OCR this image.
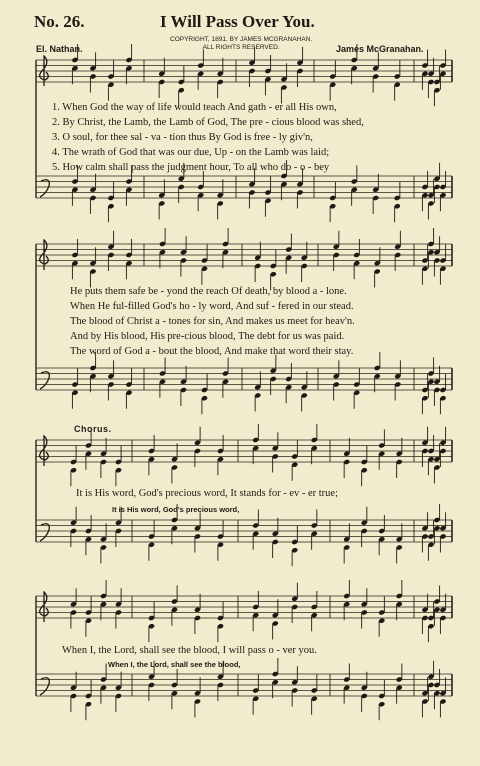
No. 26.	I Will Pass Over You.
COPYRIGHT, 1891, BY JAMES MCGRANAHAN.
ALL RIGHTS RESERVED.
El. Nathan.	James McGranahan.
1. When God the way of life would teach And gath - er all His own,
2. By Christ, the Lamb, the Lamb of God, The pre - cious blood was shed,
3. O soul, for thee sal - va - tion thus By God is free - ly giv'n,
4. The wrath of God that was our due, Up - on the Lamb was laid;
5. How calm shall pass the judgment hour, To all who do - o - bey
He puts them safe be - yond the reach Of death, by blood a - lone.
When He ful-filled God's ho - ly word, And suf - fered in our stead.
The blood of Christ a - tones for sin, And makes us meet for heav'n.
And by His blood, His pre-cious blood, The debt for us was paid.
The word of God a - bout the blood, And make that word their stay.
Chorus.
It is His word, God's precious word, It stands for - ev - er true;
It is His word, God's precious word,
When I, the Lord, shall see the blood, I will pass o - ver you.
When I, the Lord, shall see the blood,
